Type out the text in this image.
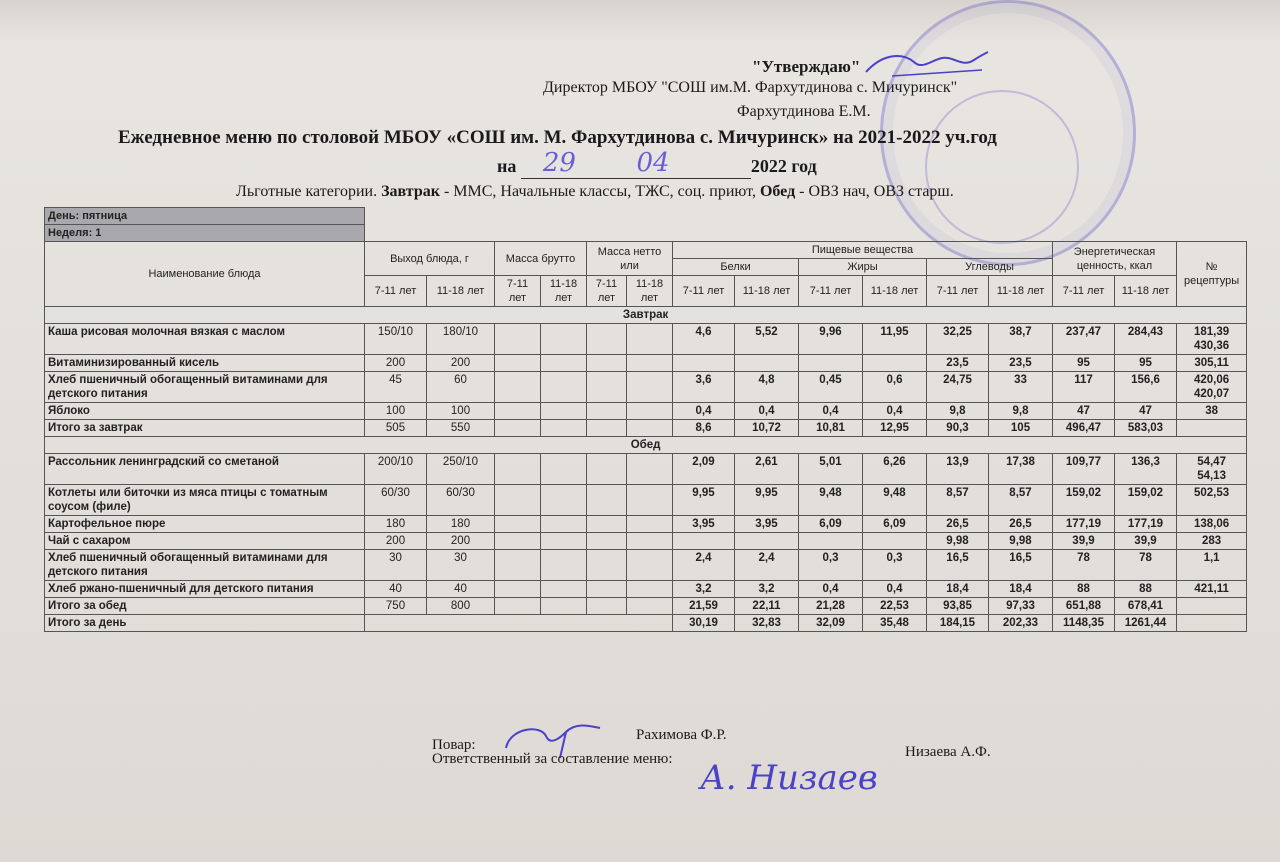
"Утверждаю"
Директор МБОУ "СОШ им.М. Фархутдинова с. Мичуринск"
Фархутдинова Е.М.
Ежедневное меню по столовой МБОУ «СОШ им. М. Фархутдинова с. Мичуринск» на 2021-2022 уч.год
на 29 04	2022 год
Льготные категории. Завтрак - ММС, Начальные классы, ТЖС, соц. приют, Обед - ОВЗ нач, ОВЗ старш.
День: пятница															
Неделя: 1															
Наименование блюда	Выход блюда, г		Масса брутто		Масса нетто или		Пищевые вещества						Энергетическая ценность, ккал		№ рецептуры
							Белки		Жиры		Углеводы				
	7-11 лет	11-18 лет	7-11 лет	11-18 лет	7-11 лет	11-18 лет	7-11 лет	11-18 лет	7-11 лет	11-18 лет	7-11 лет	11-18 лет	7-11 лет	11-18 лет	
Завтрак															
Каша рисовая молочная вязкая с маслом	150/10	180/10					4,6	5,52	9,96	11,95	32,25	38,7	237,47	284,43	181,39
430,36
Витаминизированный кисель	200	200									23,5	23,5	95	95	305,11
Хлеб пшеничный обогащенный витаминами для детского питания	45	60					3,6	4,8	0,45	0,6	24,75	33	117	156,6	420,06
420,07
Яблоко	100	100					0,4	0,4	0,4	0,4	9,8	9,8	47	47	38
Итого за завтрак	505	550					8,6	10,72	10,81	12,95	90,3	105	496,47	583,03	
Обед															
Рассольник ленинградский со сметаной	200/10	250/10					2,09	2,61	5,01	6,26	13,9	17,38	109,77	136,3	54,47
54,13
Котлеты или биточки из мяса птицы с томатным соусом (филе)	60/30	60/30					9,95	9,95	9,48	9,48	8,57	8,57	159,02	159,02	502,53
Картофельное пюре	180	180					3,95	3,95	6,09	6,09	26,5	26,5	177,19	177,19	138,06
Чай с сахаром	200	200									9,98	9,98	39,9	39,9	283
Хлеб пшеничный обогащенный витаминами для детского питания	30	30					2,4	2,4	0,3	0,3	16,5	16,5	78	78	1,1
Хлеб ржано-пшеничный для детского питания	40	40					3,2	3,2	0,4	0,4	18,4	18,4	88	88	421,11
Итого за обед	750	800					21,59	22,11	21,28	22,53	93,85	97,33	651,88	678,41	
Итого за день							30,19	32,83	32,09	35,48	184,15	202,33	1148,35	1261,44	
Повар:
Рахимова Ф.Р.
Ответственный за составление меню:	Низаева А.Ф.
А. Низаев
